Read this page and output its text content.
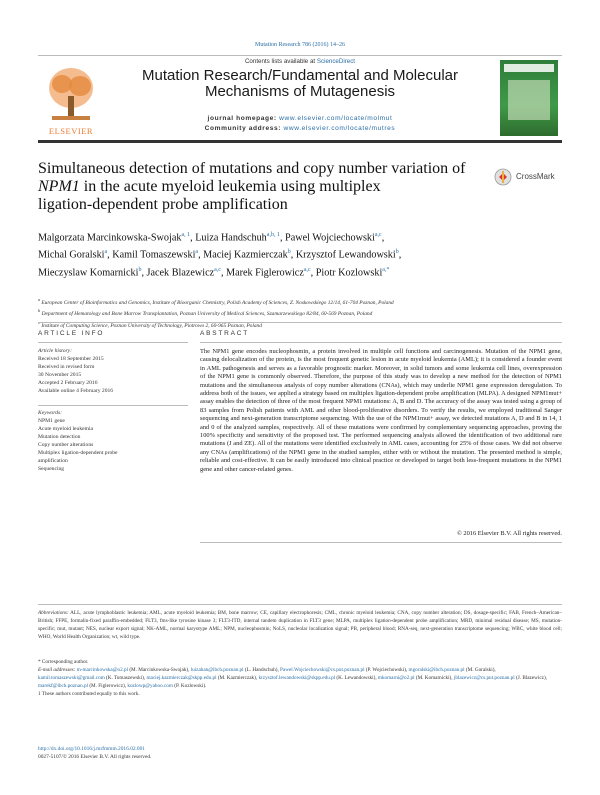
Mutation Research 786 (2016) 14–26
ELSEVIER
Contents lists available at ScienceDirect
Mutation Research/Fundamental and Molecular
Mechanisms of Mutagenesis
journal homepage: www.elsevier.com/locate/molmut
Community address: www.elsevier.com/locate/mutres
Simultaneous detection of mutations and copy number variation of
NPM1 in the acute myeloid leukemia using multiplex
ligation-dependent probe amplification
CrossMark
Malgorzata Marcinkowska-Swojak$^{a, 1}$, Luiza Handschuh$^{a,b, 1}$, Pawel Wojciechowski$^{a,c}$,
Michal Goralski$^a$, Kamil Tomaszewski$^a$, Maciej Kazmierczak$^b$, Krzysztof Lewandowski$^b$,
Mieczyslaw Komarnicki$^b$, Jacek Blazewicz$^{a,c}$, Marek Figlerowicz$^{a,c}$, Piotr Kozlowski$^{a,*}$
$^a$ European Center of Bioinformatics and Genomics, Institute of Bioorganic Chemistry, Polish Academy of Sciences, Z. Noskowskiego 12/14, 61-704 Poznan, Poland
$^b$ Department of Hematology and Bone Marrow Transplantation, Poznan University of Medical Sciences, Szamarzewskiego 82/84, 60-569 Poznan, Poland
$^c$ Institute of Computing Science, Poznan University of Technology, Piotrowo 2, 60-965 Poznan, Poland
ARTICLE INFO	ABSTRACT
Article history:
Received 18 September 2015
Received in revised form
30 November 2015
Accepted 2 February 2016
Available online 4 February 2016
Keywords:
NPM1 gene
Acute myeloid leukemia
Mutation detection
Copy number alterations
Multiplex ligation-dependent probe
amplification
Sequencing
The NPM1 gene encodes nucleophosmin, a protein involved in multiple cell functions and carcinogenesis. Mutation of the NPM1 gene, causing delocalization of the protein, is the most frequent genetic lesion in acute myeloid leukemia (AML); it is considered a founder event in AML pathogenesis and serves as a favorable prognostic marker. Moreover, in solid tumors and some leukemia cell lines, overexpression of the NPM1 gene is commonly observed. Therefore, the purpose of this study was to develop a new method for the detection of NPM1 mutations and the simultaneous analysis of copy number alterations (CNAs), which may underlie NPM1 gene expression deregulation. To address both of the issues, we applied a strategy based on multiplex ligation-dependent probe amplification (MLPA). A designed NPM1mut+ assay enables the detection of three of the most frequent NPM1 mutations: A, B and D. The accuracy of the assay was tested using a group of 83 samples from Polish patients with AML and other blood-proliferative disorders. To verify the results, we employed traditional Sanger sequencing and next-generation transcriptome sequencing. With the use of the NPM1mut+ assay, we detected mutations A, D and B in 14, 1 and 0 of the analyzed samples, respectively. All of these mutations were confirmed by complementary sequencing approaches, proving the 100% specificity and sensitivity of the proposed test. The performed sequencing analysis allowed the identification of two additional rare mutations (J and ZE). All of the mutations were identified exclusively in AML cases, accounting for 25% of those cases. We did not observe any CNAs (amplifications) of the NPM1 gene in the studied samples, either with or without the mutation. The presented method is simple, reliable and cost-effective. It can be easily introduced into clinical practice or developed to target both less-frequent mutations in the NPM1 gene and other cancer-related genes.
© 2016 Elsevier B.V. All rights reserved.
Abbreviations: ALL, acute lymphoblastic leukemia; AML, acute myeloid leukemia; BM, bone marrow; CE, capillary electrophoresis; CML, chronic myeloid leukemia; CNA, copy number alteration; DS, dosage-specific; FAB, French–American–British; FFPE, formalin-fixed paraffin-embedded; FLT3, fms-like tyrosine kinase 3; FLT3-ITD, internal tandem duplication in FLT3 gene; MLPA, multiplex ligation-dependent probe amplification; MRD, minimal residual disease; MS, mutation-specific; mut, mutant; NES, nuclear export signal; NK-AML, normal karyotype AML; NPM, nucleophosmin; NoLS, nucleolar localization signal; PB, peripheral blood; RNA-seq, next-generation transcriptome sequencing; WBC, white blood cell; WHO, World Health Organization; wt, wild type.
* Corresponding author.
E-mail addresses: m-marcinkowska@o2.pl (M. Marcinkowska-Swojak), luizahan@ibch.poznan.pl (L. Handschuh), Pawel.Wojciechowski@cs.put.poznan.pl (P. Wojciechowski), mgoralski@ibch.poznan.pl (M. Goralski), kamil.tomaszewski@gmail.com (K. Tomaszewski), maciej.kazmierczak@skpp.edu.pl (M. Kazmierczak), krzysztof.lewandowski@skpp.edu.pl (K. Lewandowski), mkomarni@o2.pl (M. Komarnicki), jblazewicz@cs.put.poznan.pl (J. Blazewicz), marekf@ibch.poznan.pl (M. Figlerowicz), kozlowp@yahoo.com (P. Kozlowski).
1 These authors contributed equally to this work.
http://dx.doi.org/10.1016/j.mrfmmm.2016.02.001
0027-5107/© 2016 Elsevier B.V. All rights reserved.
